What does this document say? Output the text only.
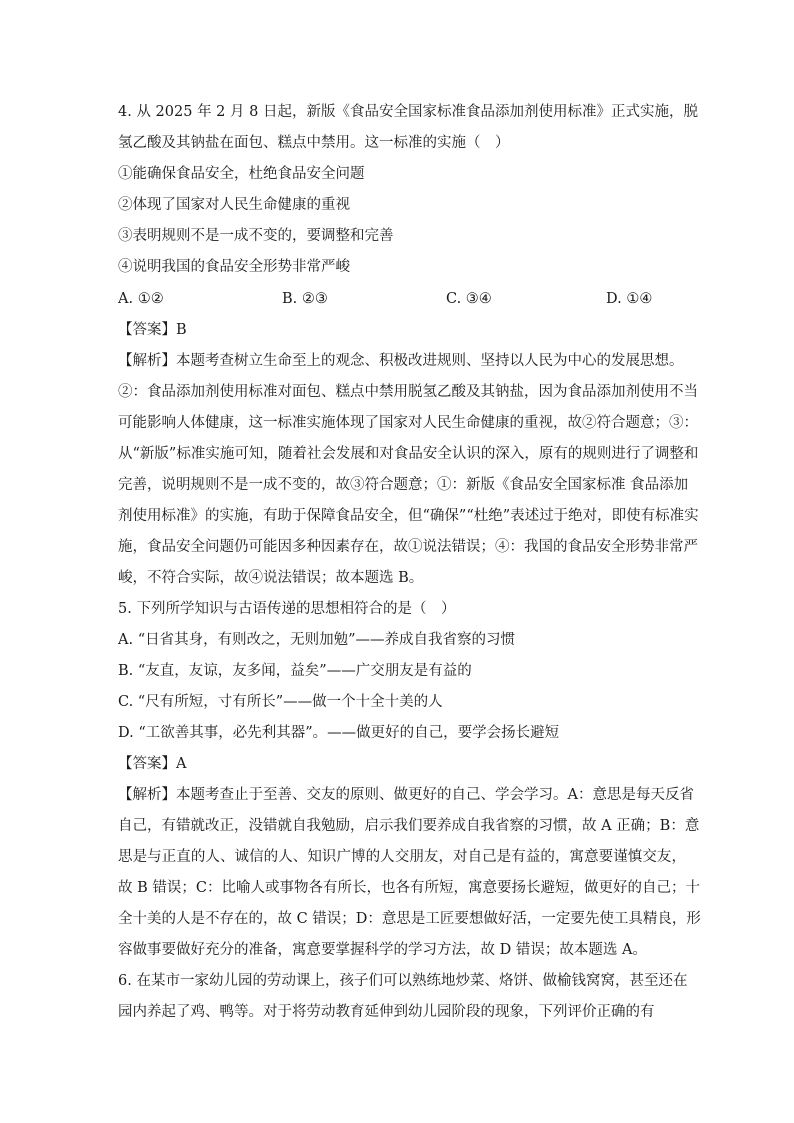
4. 从 2025 年 2 月 8 日起，新版《食品安全国家标准食品添加剂使用标准》正式实施，脱
氢乙酸及其钠盐在面包、糕点中禁用。这一标准的实施（　）
①能确保食品安全，杜绝食品安全问题
②体现了国家对人民生命健康的重视
③表明规则不是一成不变的，要调整和完善
④说明我国的食品安全形势非常严峻
A. ①②	B. ②③	C. ③④	D. ①④
【答案】B
【解析】本题考查树立生命至上的观念、积极改进规则、坚持以人民为中心的发展思想。
②：食品添加剂使用标准对面包、糕点中禁用脱氢乙酸及其钠盐，因为食品添加剂使用不当
可能影响人体健康，这一标准实施体现了国家对人民生命健康的重视，故②符合题意；③：
从“新版”标准实施可知，随着社会发展和对食品安全认识的深入，原有的规则进行了调整和
完善，说明规则不是一成不变的，故③符合题意；①：新版《食品安全国家标准 食品添加
剂使用标准》的实施，有助于保障食品安全，但“确保”“杜绝”表述过于绝对，即使有标准实
施，食品安全问题仍可能因多种因素存在，故①说法错误；④：我国的食品安全形势非常严
峻，不符合实际，故④说法错误；故本题选 B。
5. 下列所学知识与古语传递的思想相符合的是（　）
A. “日省其身，有则改之，无则加勉”——养成自我省察的习惯
B. “友直，友谅，友多闻，益矣”——广交朋友是有益的
C. “尺有所短，寸有所长”——做一个十全十美的人
D. “工欲善其事，必先利其器”。——做更好的自己，要学会扬长避短
【答案】A
【解析】本题考查止于至善、交友的原则、做更好的自己、学会学习。A：意思是每天反省
自己，有错就改正，没错就自我勉励，启示我们要养成自我省察的习惯，故 A 正确；B：意
思是与正直的人、诚信的人、知识广博的人交朋友，对自己是有益的，寓意要谨慎交友，
故 B 错误；C：比喻人或事物各有所长，也各有所短，寓意要扬长避短，做更好的自己；十
全十美的人是不存在的，故 C 错误；D：意思是工匠要想做好活，一定要先使工具精良，形
容做事要做好充分的准备，寓意要掌握科学的学习方法，故 D 错误；故本题选 A。
6. 在某市一家幼儿园的劳动课上，孩子们可以熟练地炒菜、烙饼、做榆钱窝窝，甚至还在
园内养起了鸡、鸭等。对于将劳动教育延伸到幼儿园阶段的现象，下列评价正确的有
